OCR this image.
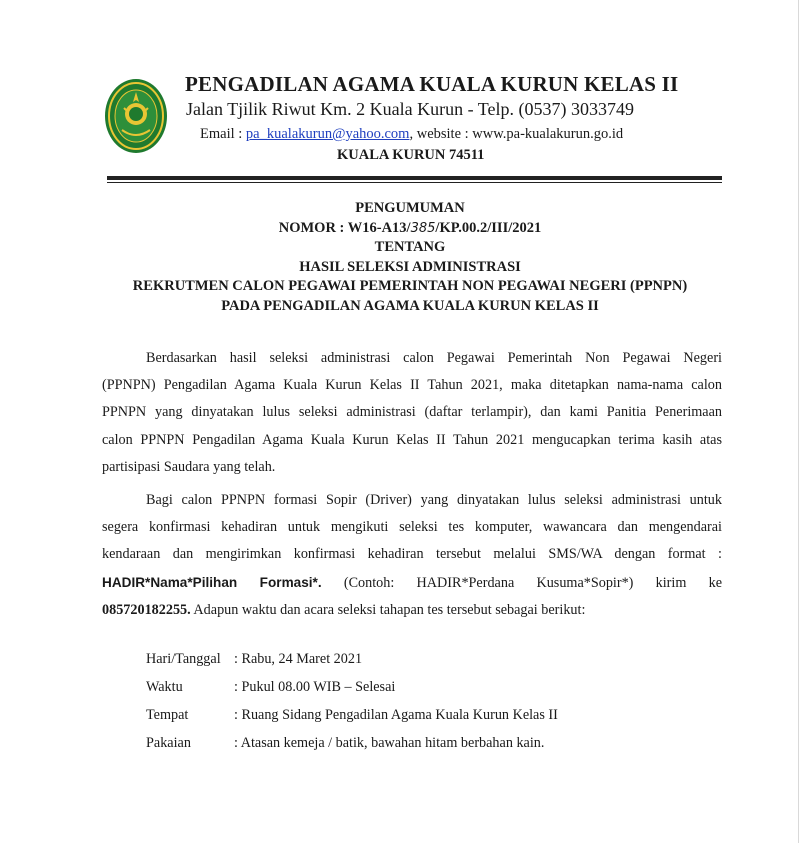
PENGADILAN AGAMA KUALA KURUN KELAS II
Jalan Tjilik Riwut Km. 2 Kuala Kurun - Telp. (0537) 3033749
Email : pa_kualakurun@yahoo.com, website : www.pa-kualakurun.go.id
KUALA KURUN 74511
PENGUMUMAN
NOMOR : W16-A13/385/KP.00.2/III/2021
TENTANG
HASIL SELEKSI ADMINISTRASI
REKRUTMEN CALON PEGAWAI PEMERINTAH NON PEGAWAI NEGERI (PPNPN)
PADA PENGADILAN AGAMA KUALA KURUN KELAS II
Berdasarkan hasil seleksi administrasi calon Pegawai Pemerintah Non Pegawai Negeri
(PPNPN) Pengadilan Agama Kuala Kurun Kelas II Tahun 2021, maka ditetapkan nama-nama calon
PPNPN yang dinyatakan lulus seleksi administrasi (daftar terlampir), dan kami Panitia Penerimaan
calon PPNPN Pengadilan Agama Kuala Kurun Kelas II Tahun 2021 mengucapkan terima kasih atas
partisipasi Saudara yang telah.
Bagi calon PPNPN formasi Sopir (Driver) yang dinyatakan lulus seleksi administrasi untuk
segera konfirmasi kehadiran untuk mengikuti seleksi tes komputer, wawancara dan mengendarai
kendaraan dan mengirimkan konfirmasi kehadiran tersebut melalui SMS/WA dengan format :
HADIR*Nama*Pilihan Formasi*. (Contoh: HADIR*Perdana Kusuma*Sopir*) kirim ke
085720182255. Adapun waktu dan acara seleksi tahapan tes tersebut sebagai berikut:
Hari/Tanggal : Rabu, 24 Maret 2021
Waktu	: Pukul 08.00 WIB – Selesai
Tempat	: Ruang Sidang Pengadilan Agama Kuala Kurun Kelas II
Pakaian	: Atasan kemeja / batik, bawahan hitam berbahan kain.
